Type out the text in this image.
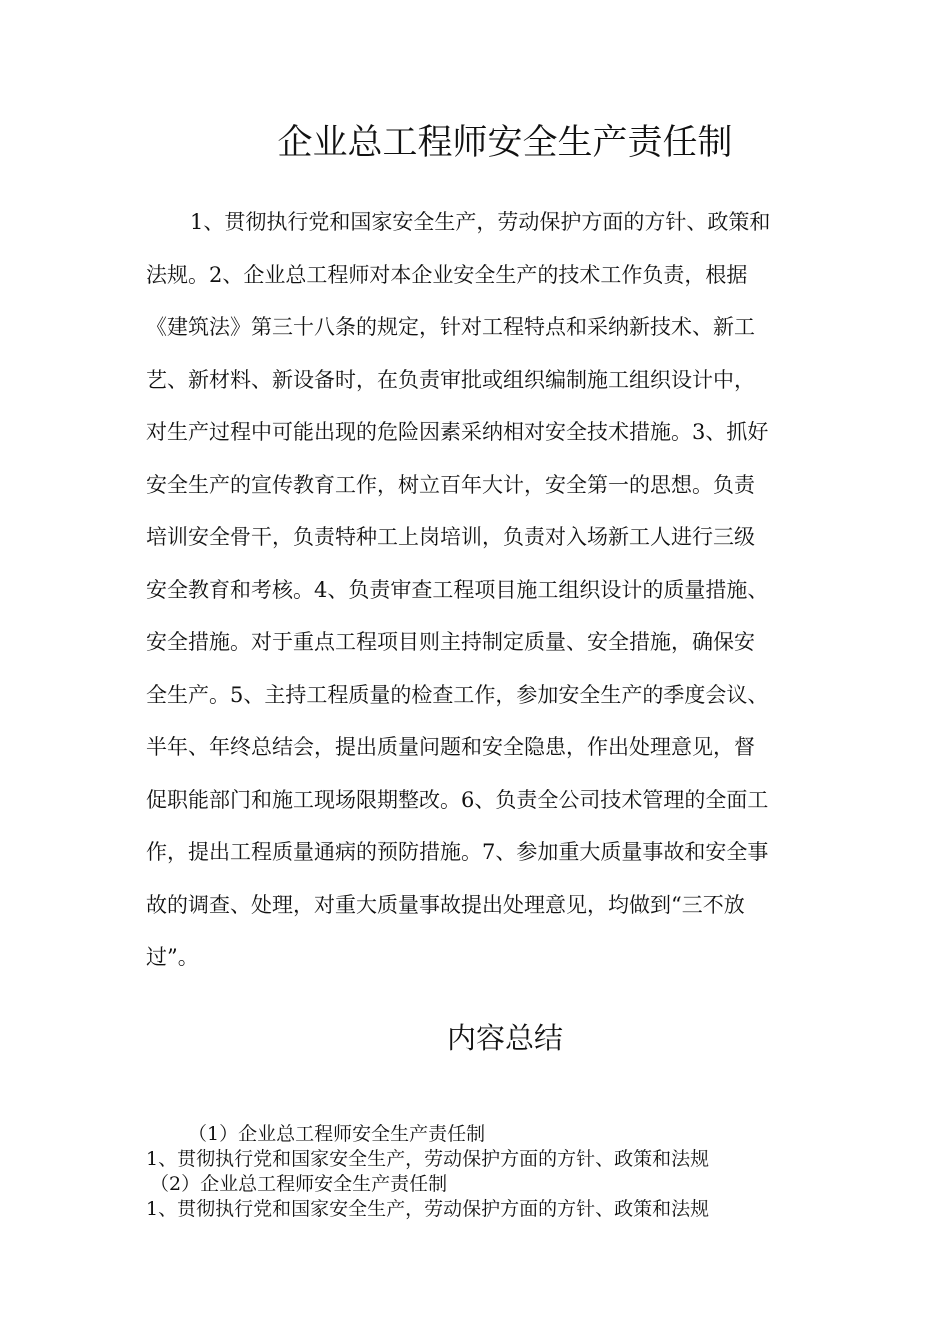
企业总工程师安全生产责任制
1、贯彻执行党和国家安全生产，劳动保护方面的方针、政策和
法规。2、企业总工程师对本企业安全生产的技术工作负责，根据
《建筑法》第三十八条的规定，针对工程特点和采纳新技术、新工
艺、新材料、新设备时，在负责审批或组织编制施工组织设计中，
对生产过程中可能出现的危险因素采纳相对安全技术措施。3、抓好
安全生产的宣传教育工作，树立百年大计，安全第一的思想。负责
培训安全骨干，负责特种工上岗培训，负责对入场新工人进行三级
安全教育和考核。4、负责审查工程项目施工组织设计的质量措施、
安全措施。对于重点工程项目则主持制定质量、安全措施，确保安
全生产。5、主持工程质量的检查工作，参加安全生产的季度会议、
半年、年终总结会，提出质量问题和安全隐患，作出处理意见，督
促职能部门和施工现场限期整改。6、负责全公司技术管理的全面工
作，提出工程质量通病的预防措施。7、参加重大质量事故和安全事
故的调查、处理，对重大质量事故提出处理意见，均做到“三不放
过”。
内容总结
（1）企业总工程师安全生产责任制
1、贯彻执行党和国家安全生产，劳动保护方面的方针、政策和法规
（2）企业总工程师安全生产责任制
1、贯彻执行党和国家安全生产，劳动保护方面的方针、政策和法规
